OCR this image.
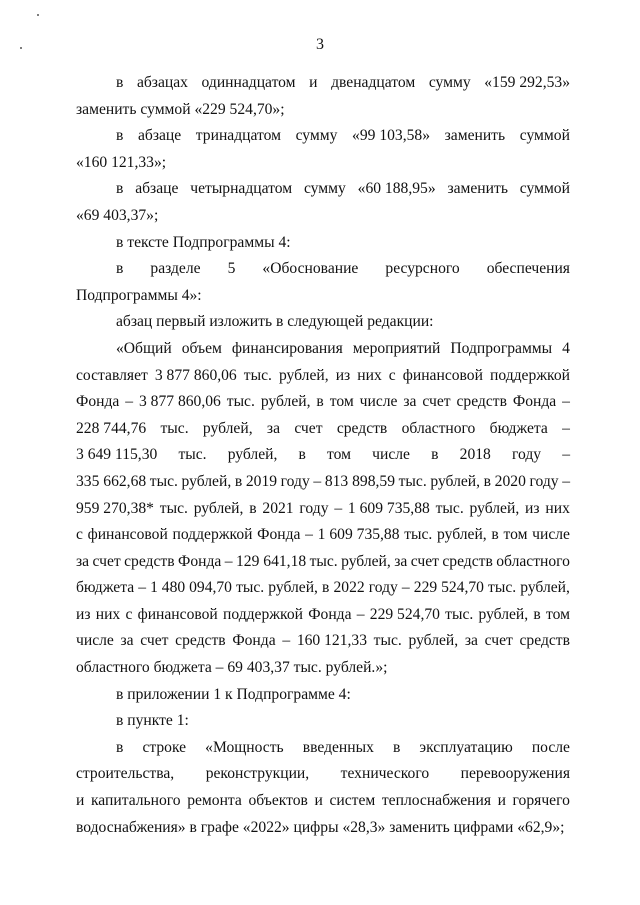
3
в абзацах одиннадцатом и двенадцатом сумму «159 292,53»
заменить суммой «229 524,70»;
в абзаце тринадцатом сумму «99 103,58» заменить суммой
«160 121,33»;
в абзаце четырнадцатом сумму «60 188,95» заменить суммой
«69 403,37»;
в тексте Подпрограммы 4:
в разделе 5 «Обоснование ресурсного обеспечения
Подпрограммы 4»:
абзац первый изложить в следующей редакции:
«Общий объем финансирования мероприятий Подпрограммы 4
составляет 3 877 860,06 тыс. рублей, из них с финансовой поддержкой
Фонда – 3 877 860,06 тыс. рублей, в том числе за счет средств Фонда –
228 744,76 тыс. рублей, за счет средств областного бюджета –
3 649 115,30 тыс. рублей, в том числе в 2018 году –
335 662,68 тыс. рублей, в 2019 году – 813 898,59 тыс. рублей, в 2020 году –
959 270,38* тыс. рублей, в 2021 году – 1 609 735,88 тыс. рублей, из них
с финансовой поддержкой Фонда – 1 609 735,88 тыс. рублей, в том числе
за счет средств Фонда – 129 641,18 тыс. рублей, за счет средств областного
бюджета – 1 480 094,70 тыс. рублей, в 2022 году – 229 524,70 тыс. рублей,
из них с финансовой поддержкой Фонда – 229 524,70 тыс. рублей, в том
числе за счет средств Фонда – 160 121,33 тыс. рублей, за счет средств
областного бюджета – 69 403,37 тыс. рублей.»;
в приложении 1 к Подпрограмме 4:
в пункте 1:
в строке «Мощность введенных в эксплуатацию после
строительства, реконструкции, технического перевооружения
и капитального ремонта объектов и систем теплоснабжения и горячего
водоснабжения» в графе «2022» цифры «28,3» заменить цифрами «62,9»;
